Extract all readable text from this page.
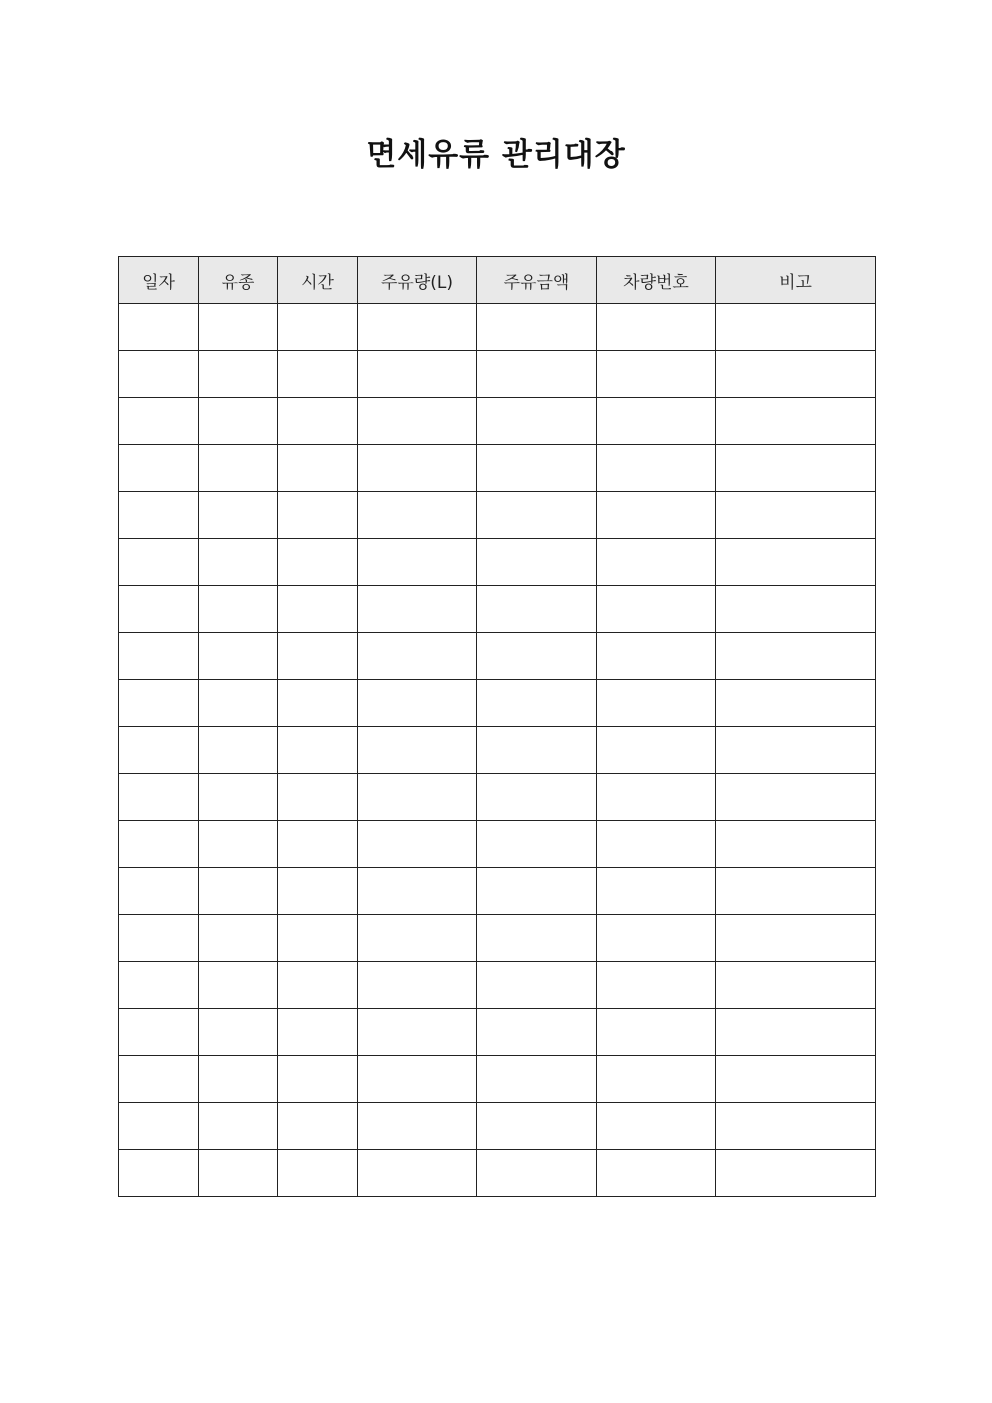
면세유류 관리대장
일자	유종	시간	주유량(L)	주유금액	차량번호	비고
